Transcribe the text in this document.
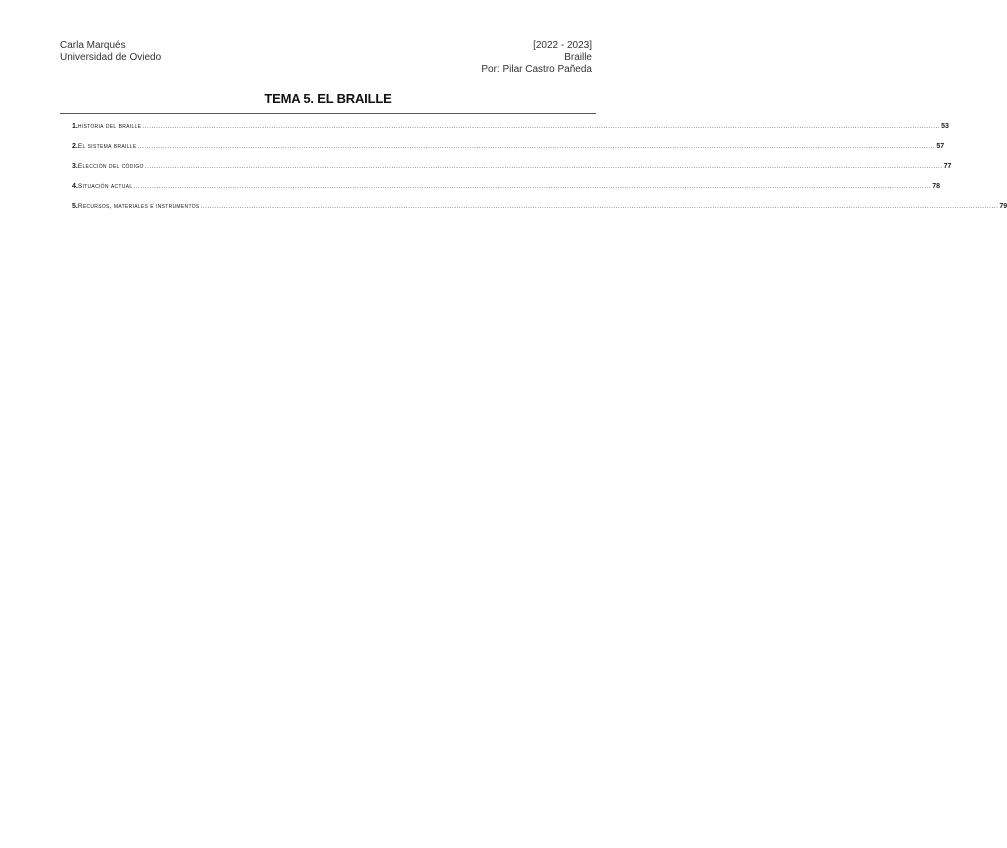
Carla Marqués
Universidad de Oviedo
[2022 - 2023]
Braille
Por: Pilar Castro Pañeda
TEMA 5. EL BRAILLE
1. historia del braille .......................................................................................................................................................................................................................................................................................................................................................... 53
2. El sistema braille .......................................................................................................................................................................................................................................................................................................................................................... 57
3. Elección del código .......................................................................................................................................................................................................................................................................................................................................................... 77
4. Situación actual .......................................................................................................................................................................................................................................................................................................................................................... 78
5. Recursos, materiales e instrumentos .......................................................................................................................................................................................................................................................................................................................................................... 79
